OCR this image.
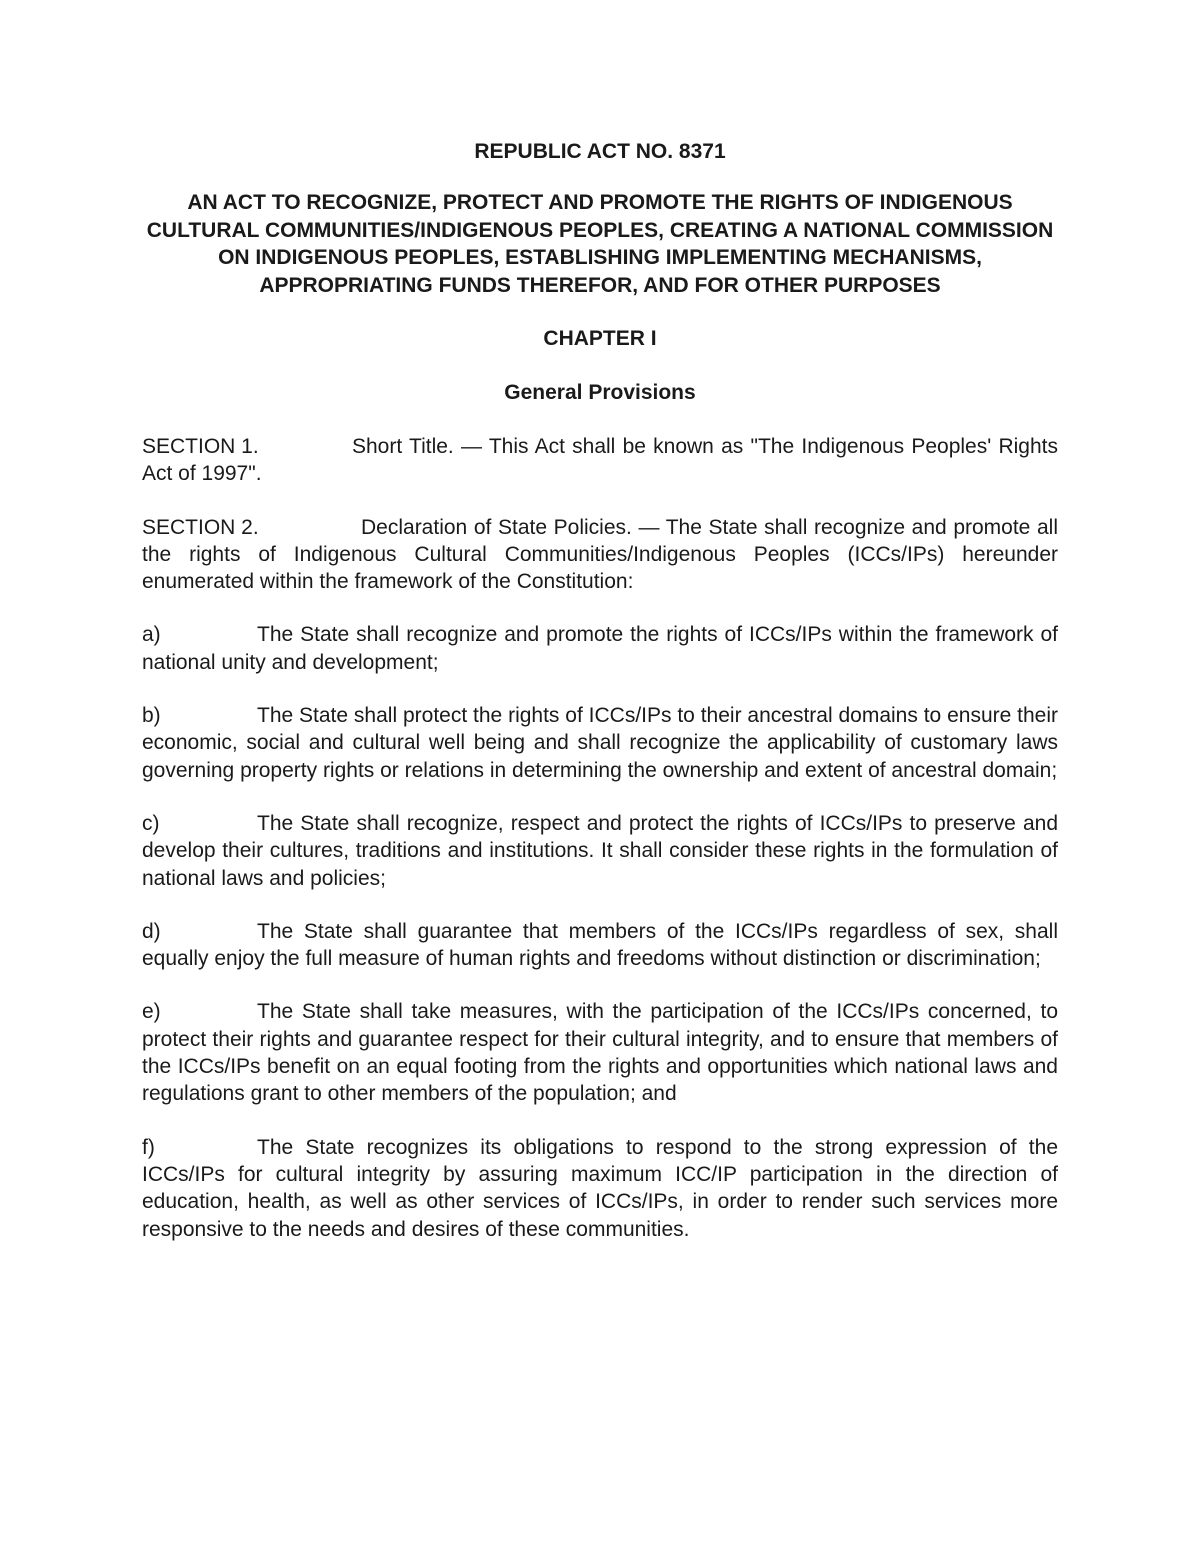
REPUBLIC ACT NO. 8371
AN ACT TO RECOGNIZE, PROTECT AND PROMOTE THE RIGHTS OF INDIGENOUS CULTURAL COMMUNITIES/INDIGENOUS PEOPLES, CREATING A NATIONAL COMMISSION ON INDIGENOUS PEOPLES, ESTABLISHING IMPLEMENTING MECHANISMS, APPROPRIATING FUNDS THEREFOR, AND FOR OTHER PURPOSES
CHAPTER I
General Provisions
SECTION 1.	Short Title. — This Act shall be known as "The Indigenous Peoples' Rights Act of 1997".
SECTION 2.	Declaration of State Policies. — The State shall recognize and promote all the rights of Indigenous Cultural Communities/Indigenous Peoples (ICCs/IPs) hereunder enumerated within the framework of the Constitution:
a)	The State shall recognize and promote the rights of ICCs/IPs within the framework of national unity and development;
b)	The State shall protect the rights of ICCs/IPs to their ancestral domains to ensure their economic, social and cultural well being and shall recognize the applicability of customary laws governing property rights or relations in determining the ownership and extent of ancestral domain;
c)	The State shall recognize, respect and protect the rights of ICCs/IPs to preserve and develop their cultures, traditions and institutions. It shall consider these rights in the formulation of national laws and policies;
d)	The State shall guarantee that members of the ICCs/IPs regardless of sex, shall equally enjoy the full measure of human rights and freedoms without distinction or discrimination;
e)	The State shall take measures, with the participation of the ICCs/IPs concerned, to protect their rights and guarantee respect for their cultural integrity, and to ensure that members of the ICCs/IPs benefit on an equal footing from the rights and opportunities which national laws and regulations grant to other members of the population; and
f)	The State recognizes its obligations to respond to the strong expression of the ICCs/IPs for cultural integrity by assuring maximum ICC/IP participation in the direction of education, health, as well as other services of ICCs/IPs, in order to render such services more responsive to the needs and desires of these communities.
